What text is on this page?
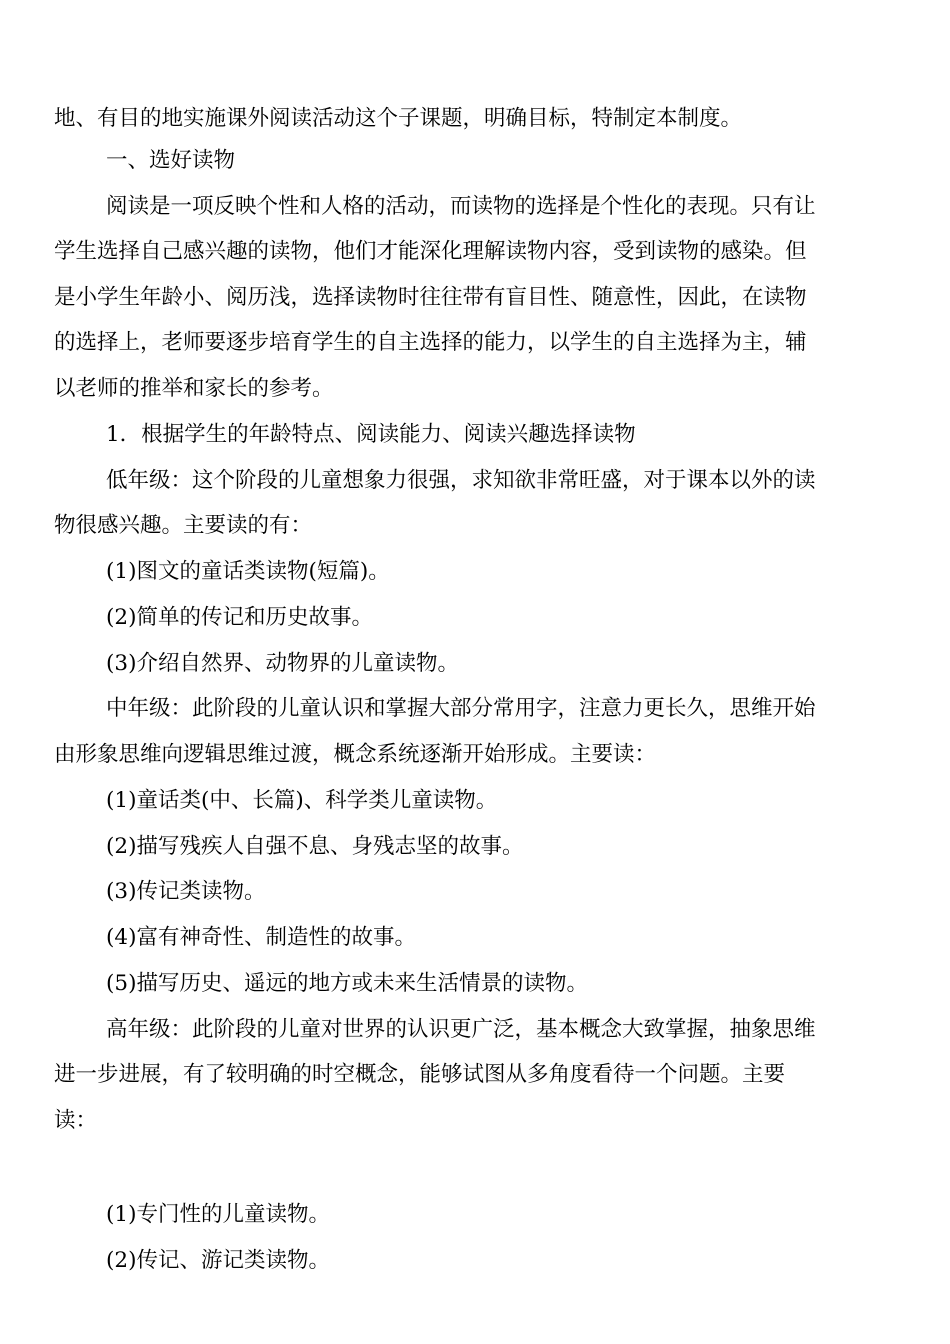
地、有目的地实施课外阅读活动这个子课题，明确目标，特制定本制度。

一、选好读物

阅读是一项反映个性和人格的活动，而读物的选择是个性化的表现。只有让

学生选择自己感兴趣的读物，他们才能深化理解读物内容，受到读物的感染。但

是小学生年龄小、阅历浅，选择读物时往往带有盲目性、随意性，因此，在读物

的选择上，老师要逐步培育学生的自主选择的能力，以学生的自主选择为主，辅

以老师的推举和家长的参考。

1．根据学生的年龄特点、阅读能力、阅读兴趣选择读物

低年级：这个阶段的儿童想象力很强，求知欲非常旺盛，对于课本以外的读

物很感兴趣。主要读的有：

(1)图文的童话类读物(短篇)。

(2)简单的传记和历史故事。

(3)介绍自然界、动物界的儿童读物。

中年级：此阶段的儿童认识和掌握大部分常用字，注意力更长久，思维开始

由形象思维向逻辑思维过渡，概念系统逐渐开始形成。主要读：

(1)童话类(中、长篇)、科学类儿童读物。

(2)描写残疾人自强不息、身残志坚的故事。

(3)传记类读物。

(4)富有神奇性、制造性的故事。

(5)描写历史、遥远的地方或未来生活情景的读物。

高年级：此阶段的儿童对世界的认识更广泛，基本概念大致掌握，抽象思维

进一步进展，有了较明确的时空概念，能够试图从多角度看待一个问题。主要

读：

(1)专门性的儿童读物。

(2)传记、游记类读物。
